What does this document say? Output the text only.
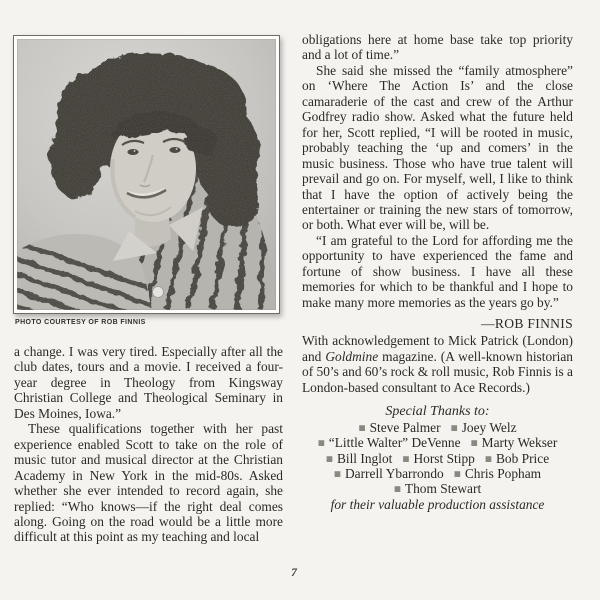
PHOTO COURTESY OF ROB FINNIS

a change. I was very tired. Especially after all the club dates, tours and a movie. I received a four-year degree in Theology from Kingsway Christian College and Theological Seminary in Des Moines, Iowa.”

These qualifications together with her past experience enabled Scott to take on the role of music tutor and musical director at the Christian Academy in New York in the mid-80s. Asked whether she ever intended to record again, she replied: “Who knows—if the right deal comes along. Going on the road would be a little more difficult at this point as my teaching and local

obligations here at home base take top priority and a lot of time.”

She said she missed the “family atmosphere” on ‘Where The Action Is’ and the close camaraderie of the cast and crew of the Arthur Godfrey radio show. Asked what the future held for her, Scott replied, “I will be rooted in music, probably teaching the ‘up and comers’ in the music business. Those who have true talent will prevail and go on. For myself, well, I like to think that I have the option of actively being the entertainer or training the new stars of tomorrow, or both. What ever will be, will be.

“I am grateful to the Lord for affording me the opportunity to have experienced the fame and fortune of show business. I have all these memories for which to be thankful and I hope to make many more memories as the years go by.”

—ROB FINNIS

With acknowledgement to Mick Patrick (London) and Goldmine magazine. (A well-known historian of 50’s and 60’s rock & roll music, Rob Finnis is a London-based consultant to Ace Records.)

Special Thanks to:
■ Steve Palmer ■ Joey Welz
■ “Little Walter” DeVenne ■ Marty Wekser
■ Bill Inglot ■ Horst Stipp ■ Bob Price
■ Darrell Ybarrondo ■ Chris Popham
■ Thom Stewart
for their valuable production assistance
7
